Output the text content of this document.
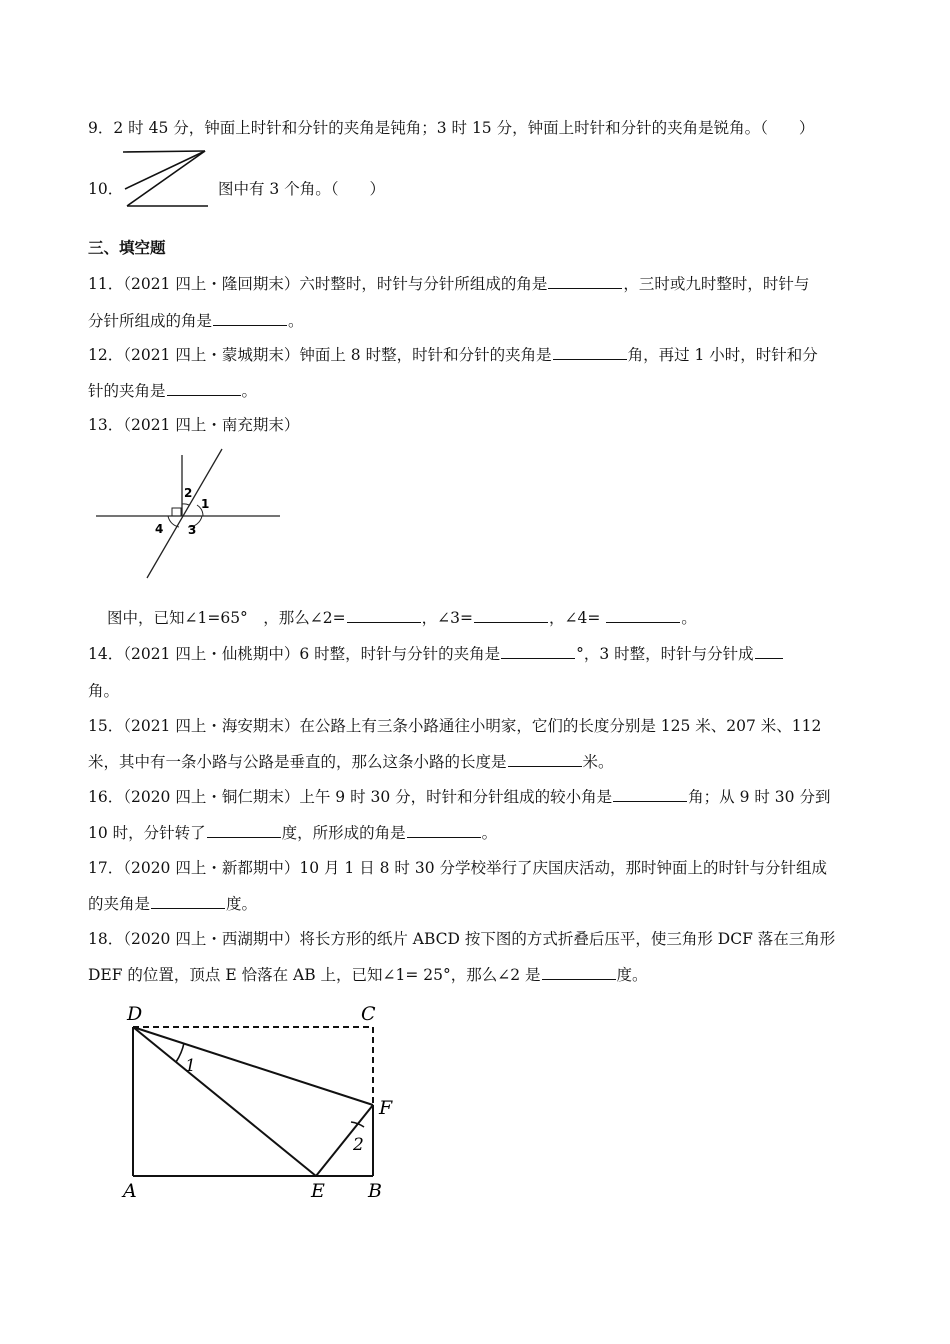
9．2 时 45 分，钟面上时针和分针的夹角是钝角；3 时 15 分，钟面上时针和分针的夹角是锐角。（　　）
10．	图中有 3 个角。（　　）
三、填空题
11．（2021 四上・隆回期末）六时整时，时针与分针所组成的角是	，三时或九时整时，时针与
分针所组成的角是	。
12．（2021 四上・蒙城期末）钟面上 8 时整，时针和分针的夹角是	角，再过 1 小时，时针和分
针的夹角是	。
13．（2021 四上・南充期末）
1
2
3
4
图中，已知∠1=65°　，那么∠2=	，∠3=	，∠4=	。
14．（2021 四上・仙桃期中）6 时整，时针与分针的夹角是	°，3 时整，时针与分针成
角。
15．（2021 四上・海安期末）在公路上有三条小路通往小明家，它们的长度分别是 125 米、207 米、112
米，其中有一条小路与公路是垂直的，那么这条小路的长度是	米。
16．（2020 四上・铜仁期末）上午 9 时 30 分，时针和分针组成的较小角是	角；从 9 时 30 分到
10 时，分针转了	度，所形成的角是	。
17．（2020 四上・新都期中）10 月 1 日 8 时 30 分学校举行了庆国庆活动，那时钟面上的时针与分针组成
的夹角是	度。
18．（2020 四上・西湖期中）将长方形的纸片 ABCD 按下图的方式折叠后压平，使三角形 DCF 落在三角形
DEF 的位置，顶点 E 恰落在 AB 上，已知∠1= 25°，那么∠2 是	度。
D	C
F
A	E B
1
2
